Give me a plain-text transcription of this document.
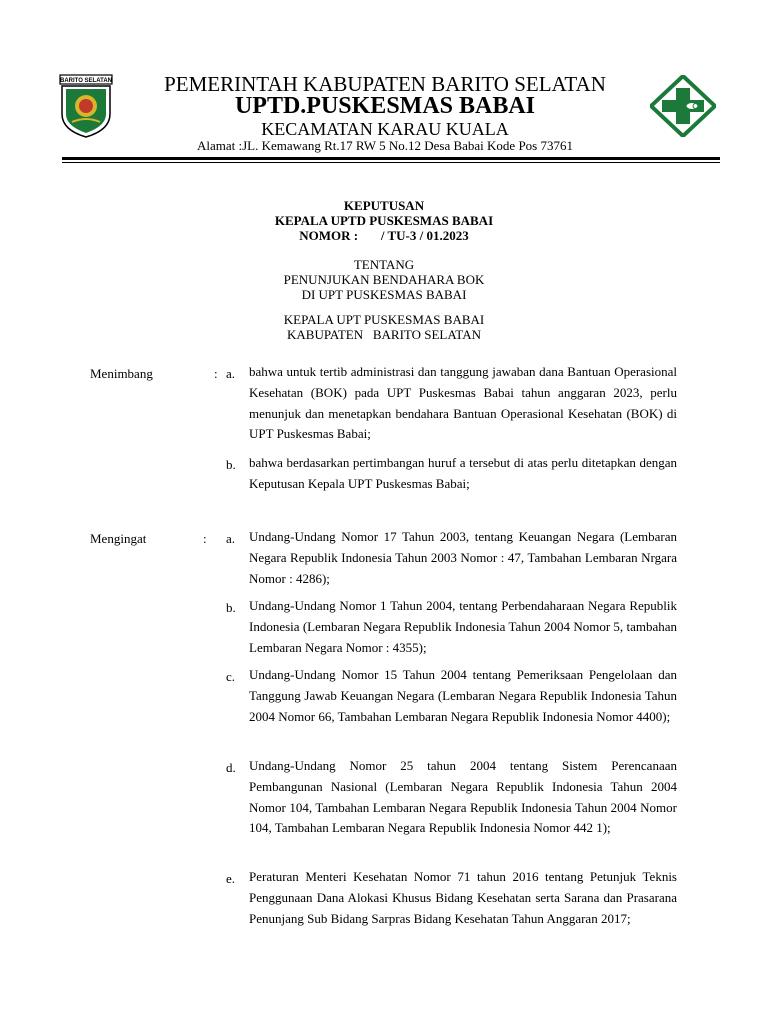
BARITO SELATAN	PEMERINTAH KABUPATEN BARITO SELATAN
UPTD.PUSKESMAS BABAI
KECAMATAN KARAU KUALA
Alamat :JL. Kemawang Rt.17 RW 5 No.12 Desa Babai Kode Pos 73761
KEPUTUSAN
KEPALA UPTD PUSKESMAS BABAI
NOMOR :       / TU-3 / 01.2023
TENTANG
PENUNJUKAN BENDAHARA BOK
DI UPT PUSKESMAS BABAI
KEPALA UPT PUSKESMAS BABAI
KABUPATEN   BARITO SELATAN
Menimbang	: a. bahwa untuk tertib administrasi dan tanggung jawaban dana Bantuan Operasional Kesehatan (BOK) pada UPT Puskesmas Babai tahun anggaran 2023, perlu menunjuk dan menetapkan bendahara Bantuan Operasional Kesehatan (BOK) di UPT Puskesmas Babai;

b. bahwa berdasarkan pertimbangan huruf a tersebut di atas perlu ditetapkan dengan Keputusan Kepala UPT Puskesmas Babai;

Mengingat	: a. Undang-Undang Nomor 17 Tahun 2003, tentang Keuangan Negara (Lembaran Negara Republik Indonesia Tahun 2003 Nomor : 47, Tambahan Lembaran Nrgara Nomor : 4286);

b. Undang-Undang Nomor 1 Tahun 2004, tentang Perbendaharaan Negara Republik Indonesia (Lembaran Negara Republik Indonesia Tahun 2004 Nomor 5, tambahan Lembaran Negara Nomor : 4355);

c. Undang-Undang Nomor 15 Tahun 2004 tentang Pemeriksaan Pengelolaan dan Tanggung Jawab Keuangan Negara (Lembaran Negara Republik Indonesia Tahun 2004 Nomor 66, Tambahan Lembaran Negara Republik Indonesia Nomor 4400);

d. Undang-Undang Nomor 25 tahun 2004 tentang Sistem Perencanaan Pembangunan Nasional (Lembaran Negara Republik Indonesia Tahun 2004 Nomor 104, Tambahan Lembaran Negara Republik Indonesia Tahun 2004 Nomor 104, Tambahan Lembaran Negara Republik Indonesia Nomor 442 1);

e. Peraturan Menteri Kesehatan Nomor 71 tahun 2016 tentang Petunjuk Teknis Penggunaan Dana Alokasi Khusus Bidang Kesehatan serta Sarana dan Prasarana Penunjang Sub Bidang Sarpras Bidang Kesehatan Tahun Anggaran 2017;
